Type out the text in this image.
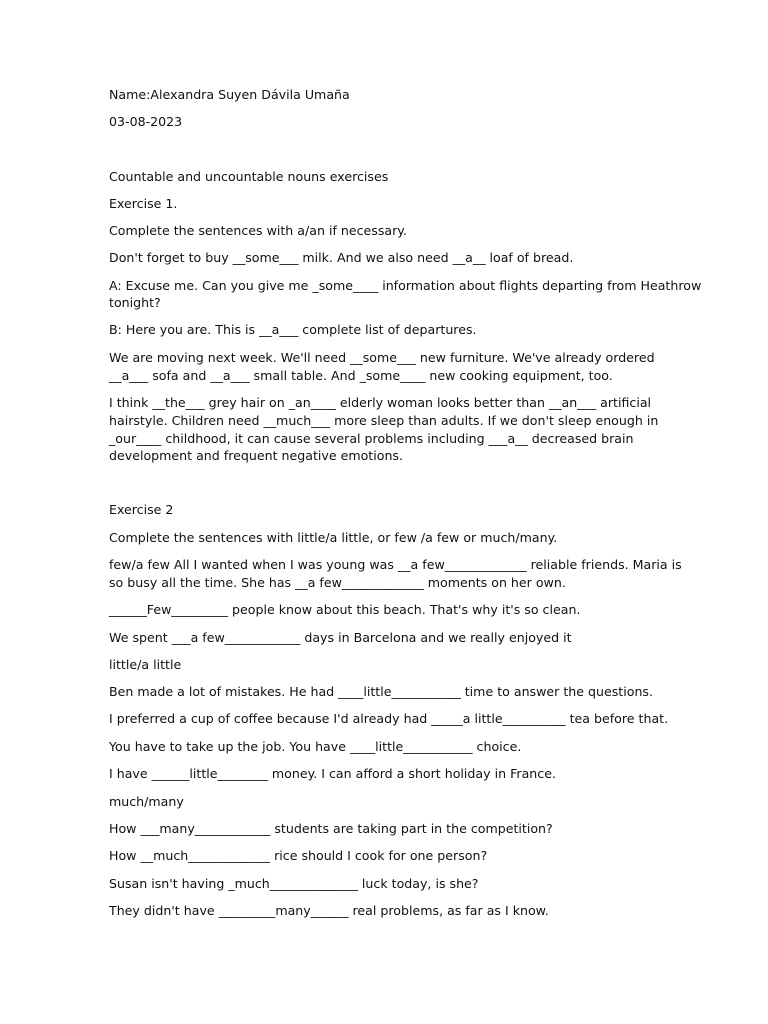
Name:Alexandra Suyen Dávila Umaña
03-08-2023
Countable and uncountable nouns exercises
Exercise 1.
Complete the sentences with a/an if necessary.
Don't forget to buy __some___ milk. And we also need __a__ loaf of bread.
A: Excuse me. Can you give me _some____ information about flights departing from Heathrow
tonight?
B: Here you are. This is __a___ complete list of departures.
We are moving next week. We'll need __some___ new furniture. We've already ordered
__a___ sofa and __a___ small table. And _some____ new cooking equipment, too.
I think __the___ grey hair on _an____ elderly woman looks better than __an___ artificial
hairstyle. Children need __much___ more sleep than adults. If we don't sleep enough in
_our____ childhood, it can cause several problems including ___a__ decreased brain
development and frequent negative emotions.
Exercise 2
Complete the sentences with little/a little, or few /a few or much/many.
few/a few All I wanted when I was young was __a few_____________ reliable friends. Maria is
so busy all the time. She has __a few_____________ moments on her own.
______Few_________ people know about this beach. That's why it's so clean.
We spent ___a few____________ days in Barcelona and we really enjoyed it
little/a little
Ben made a lot of mistakes. He had ____little___________ time to answer the questions.
I preferred a cup of coffee because I'd already had _____a little__________ tea before that.
You have to take up the job. You have ____little___________ choice.
I have ______little________ money. I can afford a short holiday in France.
much/many
How ___many____________ students are taking part in the competition?
How __much_____________ rice should I cook for one person?
Susan isn't having _much______________ luck today, is she?
They didn't have _________many______ real problems, as far as I know.
